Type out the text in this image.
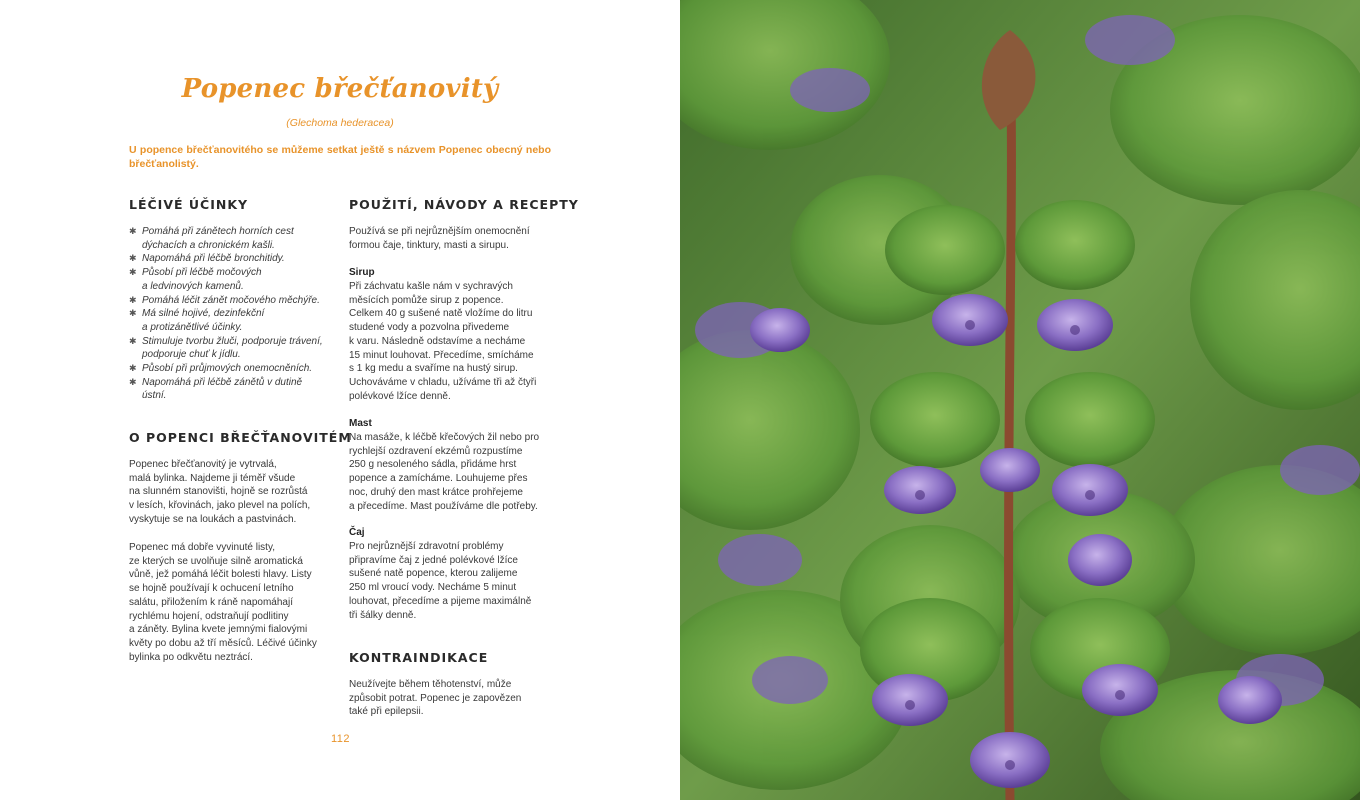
Popenec břečťanovitý
(Glechoma hederacea)
U popence břečťanovitého se můžeme setkat ještě s názvem Popenec obecný nebo břečťanolistý.
LÉČIVÉ ÚČINKY
✱ Pomáhá při zánětech horních cest
dýchacích a chronickém kašli.
✱ Napomáhá při léčbě bronchitidy.
✱ Působí při léčbě močových
a ledvinových kamenů.
✱ Pomáhá léčit zánět močového měchýře.
✱ Má silné hojivé, dezinfekční
a protizánětlivé účinky.
✱ Stimuluje tvorbu žluči, podporuje trávení,
podporuje chuť k jídlu.
✱ Působí při průjmových onemocněních.
✱ Napomáhá při léčbě zánětů v dutině
ústní.
O POPENCI BŘEČŤANOVITÉM
Popenec břečťanovitý je vytrvalá,
malá bylinka. Najdeme ji téměř všude
na slunném stanovišti, hojně se rozrůstá
v lesích, křovinách, jako plevel na polích,
vyskytuje se na loukách a pastvinách.
Popenec má dobře vyvinuté listy,
ze kterých se uvolňuje silně aromatická
vůně, jež pomáhá léčit bolesti hlavy. Listy
se hojně používají k ochucení letního
salátu, přiložením k ráně napomáhají
rychlému hojení, odstraňují podlitiny
a záněty. Bylina kvete jemnými fialovými
květy po dobu až tří měsíců. Léčivé účinky
bylinka po odkvětu neztrácí.
POUŽITÍ, NÁVODY A RECEPTY
Používá se při nejrůznějším onemocnění
formou čaje, tinktury, masti a sirupu.
Sirup
Při záchvatu kašle nám v sychravých
měsících pomůže sirup z popence.
Celkem 40 g sušené natě vložíme do litru
studené vody a pozvolna přivedeme
k varu. Následně odstavíme a necháme
15 minut louhovat. Přecedíme, smícháme
s 1 kg medu a svaříme na hustý sirup.
Uchováváme v chladu, užíváme tři až čtyři
polévkové lžíce denně.
Mast
Na masáže, k léčbě křečových žil nebo pro
rychlejší ozdravení ekzémů rozpustíme
250 g nesoleného sádla, přidáme hrst
popence a zamícháme. Louhujeme přes
noc, druhý den mast krátce prohřejeme
a přecedíme. Mast používáme dle potřeby.
Čaj
Pro nejrůznější zdravotní problémy
připravíme čaj z jedné polévkové lžíce
sušené natě popence, kterou zalijeme
250 ml vroucí vody. Necháme 5 minut
louhovat, přecedíme a pijeme maximálně
tři šálky denně.
KONTRAINDIKACE
Neužívejte během těhotenství, může
způsobit potrat. Popenec je zapovězen
také při epilepsii.
112
